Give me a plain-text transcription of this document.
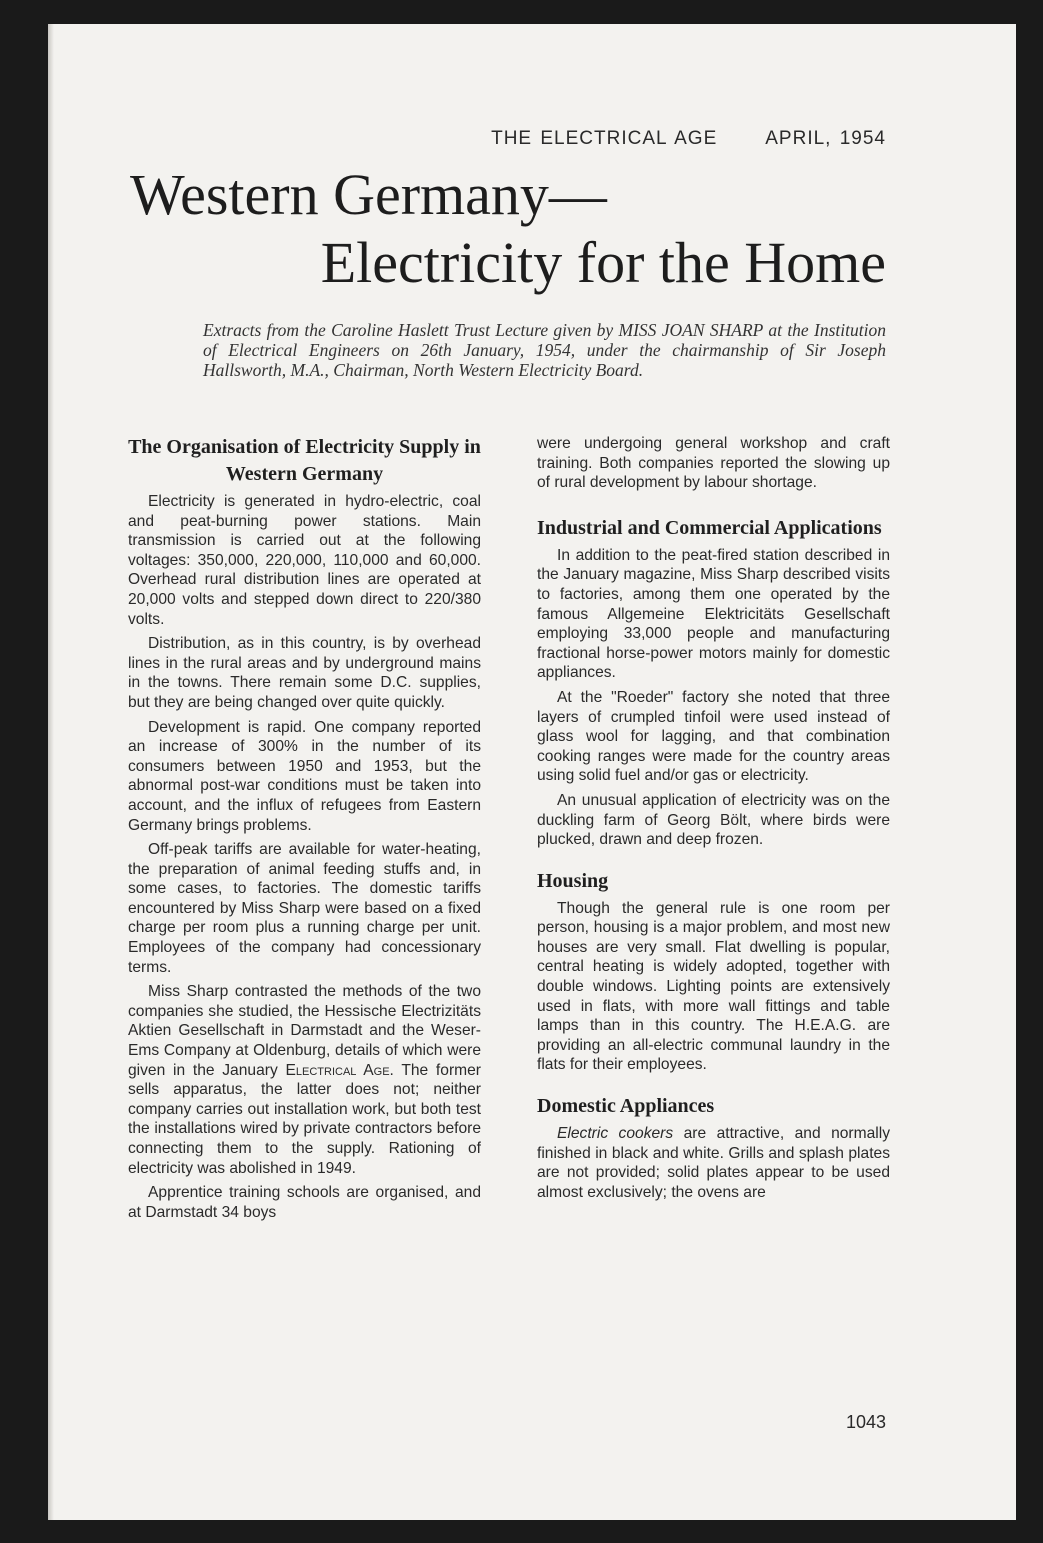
THE ELECTRICAL AGE	APRIL, 1954
Western Germany—
Electricity for the Home
Extracts from the Caroline Haslett Trust Lecture given by MISS JOAN SHARP at the Institution of Electrical Engineers on 26th January, 1954, under the chairmanship of Sir Joseph Hallsworth, M.A., Chairman, North Western Electricity Board.
The Organisation of Electricity Supply in Western Germany

Electricity is generated in hydro-electric, coal and peat-burning power stations. Main transmission is carried out at the following voltages: 350,000, 220,000, 110,000 and 60,000. Overhead rural distribution lines are operated at 20,000 volts and stepped down direct to 220/380 volts.

Distribution, as in this country, is by overhead lines in the rural areas and by underground mains in the towns. There remain some D.C. supplies, but they are being changed over quite quickly.

Development is rapid. One company reported an increase of 300% in the number of its consumers between 1950 and 1953, but the abnormal post-war conditions must be taken into account, and the influx of refugees from Eastern Germany brings problems.

Off-peak tariffs are available for water-heating, the preparation of animal feeding stuffs and, in some cases, to factories. The domestic tariffs encountered by Miss Sharp were based on a fixed charge per room plus a running charge per unit. Employees of the company had concessionary terms.

Miss Sharp contrasted the methods of the two companies she studied, the Hessische Electrizitäts Aktien Gesellschaft in Darmstadt and the Weser-Ems Company at Oldenburg, details of which were given in the January Electrical Age. The former sells apparatus, the latter does not; neither company carries out installation work, but both test the installations wired by private contractors before connecting them to the supply. Rationing of electricity was abolished in 1949.

Apprentice training schools are organised, and at Darmstadt 34 boys

were undergoing general workshop and craft training. Both companies reported the slowing up of rural development by labour shortage.

Industrial and Commercial Applications

In addition to the peat-fired station described in the January magazine, Miss Sharp described visits to factories, among them one operated by the famous Allgemeine Elektricitäts Gesellschaft employing 33,000 people and manufacturing fractional horse-power motors mainly for domestic appliances.

At the "Roeder" factory she noted that three layers of crumpled tinfoil were used instead of glass wool for lagging, and that combination cooking ranges were made for the country areas using solid fuel and/or gas or electricity.

An unusual application of electricity was on the duckling farm of Georg Bölt, where birds were plucked, drawn and deep frozen.

Housing

Though the general rule is one room per person, housing is a major problem, and most new houses are very small. Flat dwelling is popular, central heating is widely adopted, together with double windows. Lighting points are extensively used in flats, with more wall fittings and table lamps than in this country. The H.E.A.G. are providing an all-electric communal laundry in the flats for their employees.

Domestic Appliances

Electric cookers are attractive, and normally finished in black and white. Grills and splash plates are not provided; solid plates appear to be used almost exclusively; the ovens are

1043
